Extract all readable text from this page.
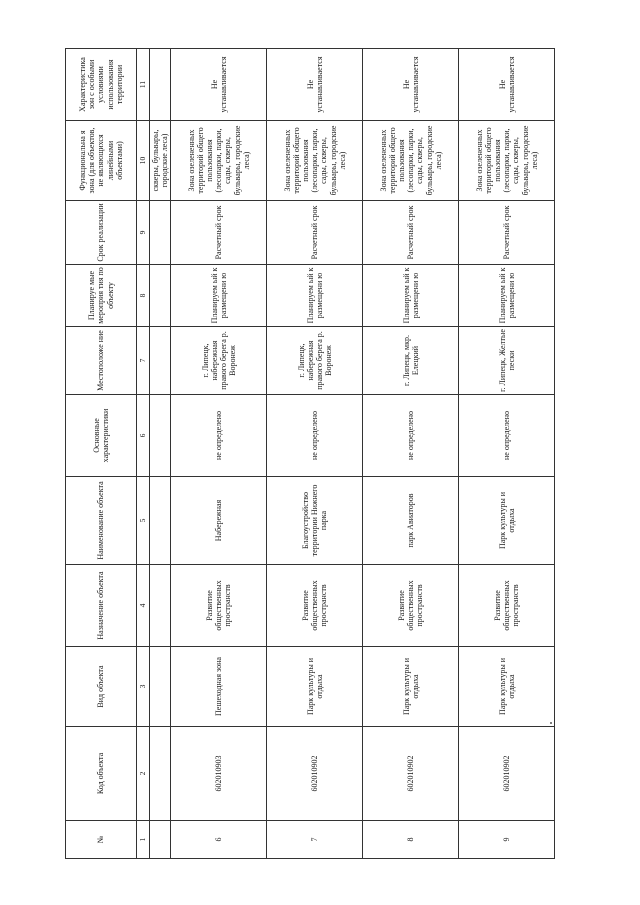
№	Код объекта	Вид объекта	Назначение объекта	Наименование объекта	Основные характеристики	Местоположе ние	Планируе мые мероприя тия по объекту	Срок реализации	Функциональна я зона (для объектов, не являющихся линейными объектами)	Характеристика зон с особыми условиями использования территории
1	2	3	4	5	6	7	8	9	10	11
									скверы, бульвары, городские леса)	
6	602010903	Пешеходная зона	Развитие общественных пространств	Набережная	не определено	г. Липецк, набережная правого берега р. Воронеж	Планируем ый к размещени ю	Расчетный срок	Зона озелененных территорий общего пользования (лесопарки, парки, сады, скверы, бульвары, городские леса)	Не устанавливается
7	602010902	Парк культуры и отдыха	Развитие общественных пространств	Благоустройство территории Нижнего парка	не определено	г. Липецк, набережная правого берега р. Воронеж	Планируем ый к размещени ю	Расчетный срок	Зона озелененных территорий общего пользования (лесопарки, парки, сады, скверы, бульвары, городские леса)	Не устанавливается
8	602010902	Парк культуры и отдыха	Развитие общественных пространств	парк Авиаторов	не определено	г. Липецк, мкр. Елецкий	Планируем ый к размещени ю	Расчетный срок	Зона озелененных территорий общего пользования (лесопарки, парки, сады, скверы, бульвары, городские леса)	Не устанавливается
9	602010902	Парк культуры и отдыха	Развитие общественных пространств	Парк культуры и отдыха	не определено	г. Липецк, Желтые пески	Планируем ый к размещени ю	Расчетный срок	Зона озелененных территорий общего пользования (лесопарки, парки, сады, скверы, бульвары, городские леса)	Не устанавливается
